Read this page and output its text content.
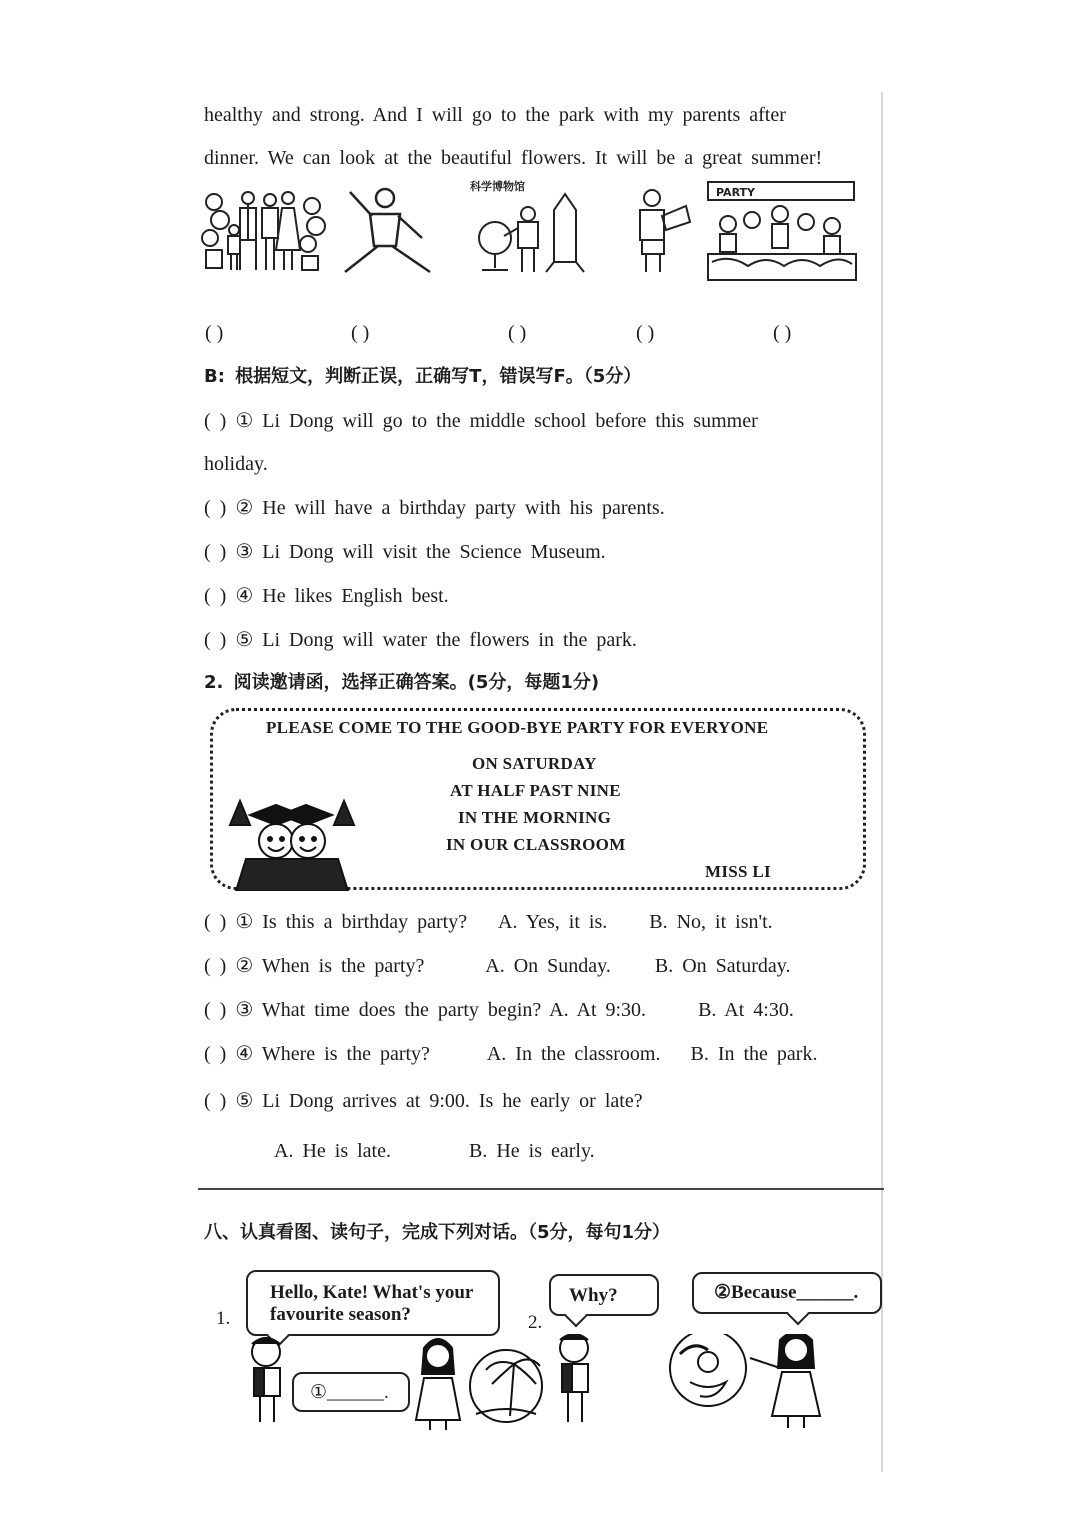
healthy and strong. And I will go to the park with my parents after
dinner. We can look at the beautiful flowers. It will be a great summer!
科学博物馆	PARTY
( )	( )	( )	( )	( )
B: 根据短文，判断正误，正确写T，错误写F。（5分）
( ) ① Li Dong will go to the middle school before this summer
holiday.
( ) ② He will have a birthday party with his parents.
( ) ③ Li Dong will visit the Science Museum.
( ) ④ He likes English best.
( ) ⑤ Li Dong will water the flowers in the park.
2. 阅读邀请函，选择正确答案。(5分，每题1分)
PLEASE COME TO THE GOOD-BYE PARTY FOR EVERYONE
ON SATURDAY
AT HALF PAST NINE
IN THE MORNING
IN OUR CLASSROOM
MISS LI
( ) ① Is this a birthday party? A. Yes, it is. B. No, it isn't.
( ) ② When is the party?	A. On Sunday. B. On Saturday.
( ) ③ What time does the party begin? A. At 9:30.	B. At 4:30.
( ) ④ Where is the party?	A. In the classroom. B. In the park.
( ) ⑤ Li Dong arrives at 9:00. Is he early or late?
A. He is late.	B. He is early.
八、认真看图、读句子，完成下列对话。（5分，每句1分）
1.	2.
Hello, Kate! What's your favourite season?
①______.
Why?	②Because______.
